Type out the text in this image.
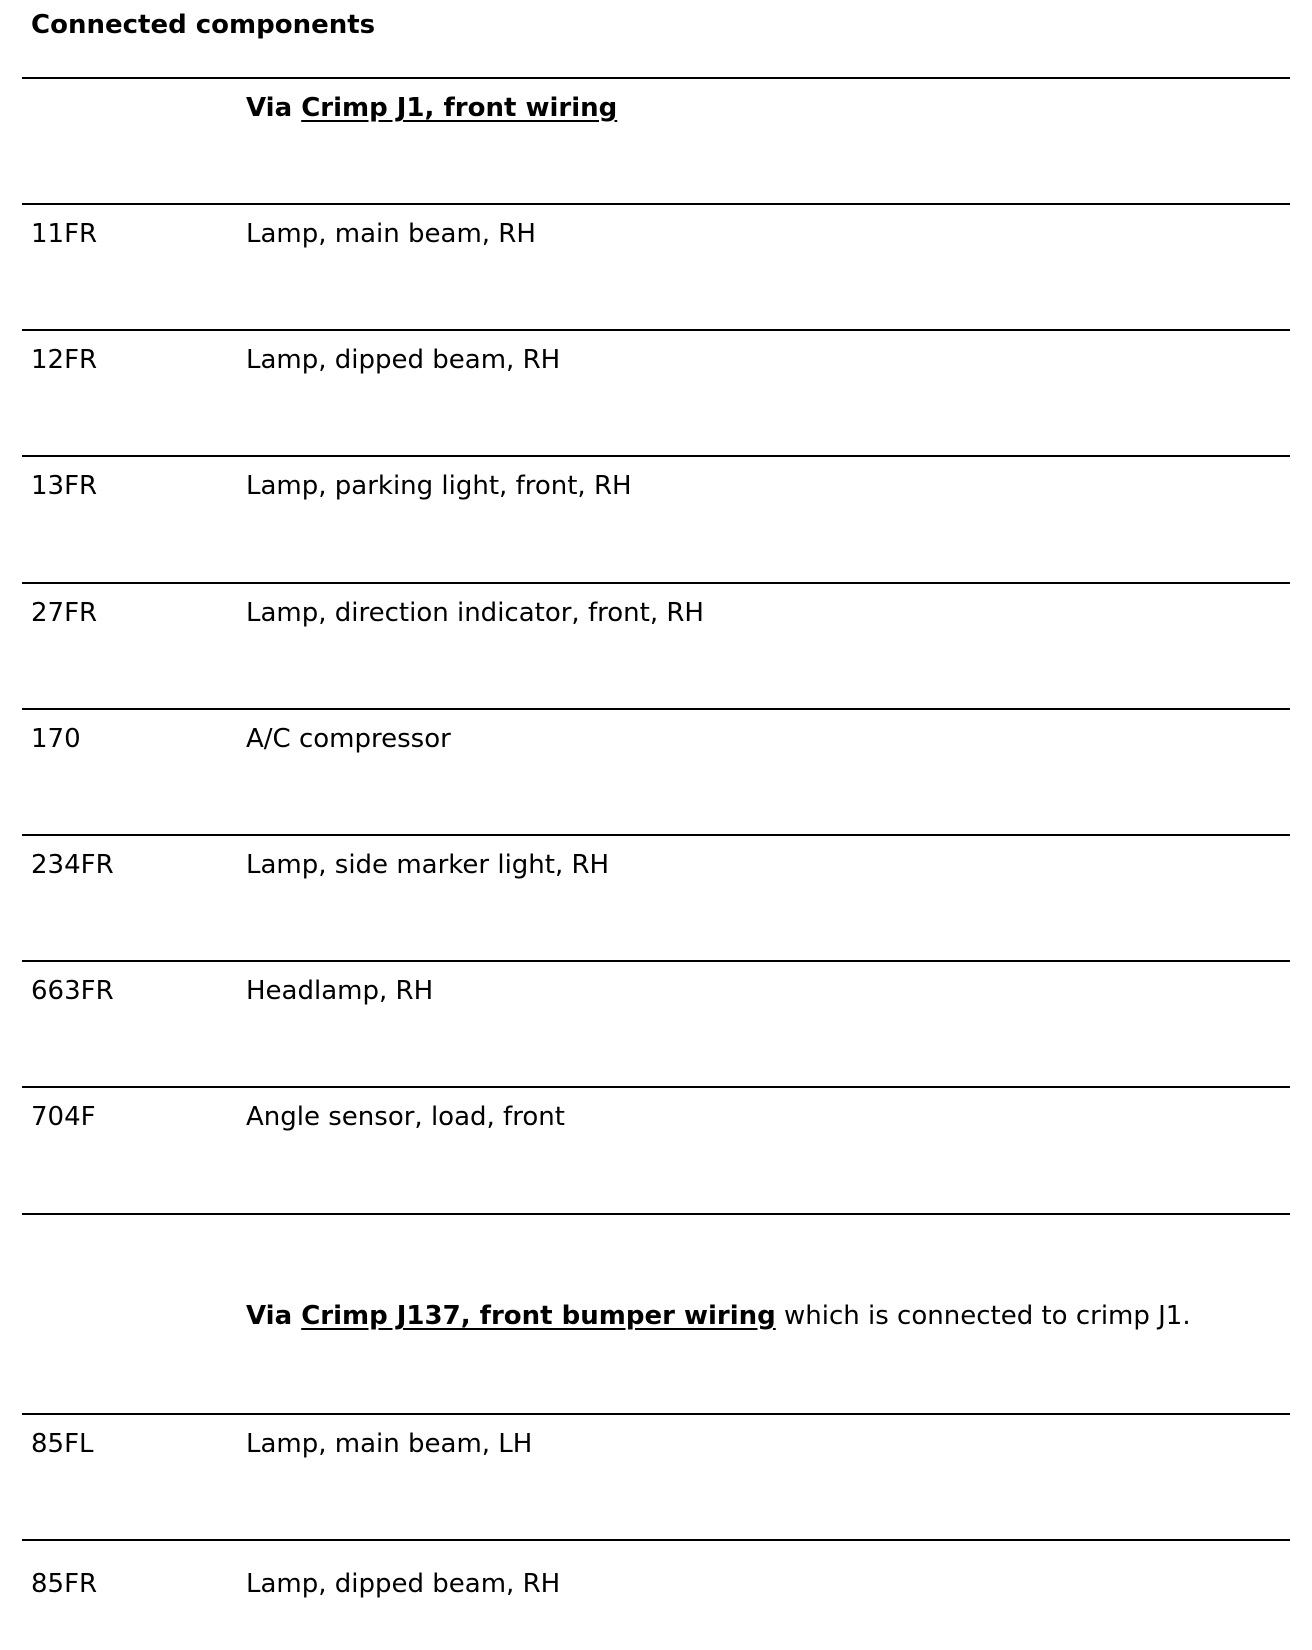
Connected components
Via Crimp J1, front wiring
11FR	Lamp, main beam, RH
12FR	Lamp, dipped beam, RH
13FR	Lamp, parking light, front, RH
27FR	Lamp, direction indicator, front, RH
170	A/C compressor
234FR	Lamp, side marker light, RH
663FR	Headlamp, RH
704F	Angle sensor, load, front
Via Crimp J137, front bumper wiring which is connected to crimp J1.
85FL	Lamp, main beam, LH
85FR	Lamp, dipped beam, RH
